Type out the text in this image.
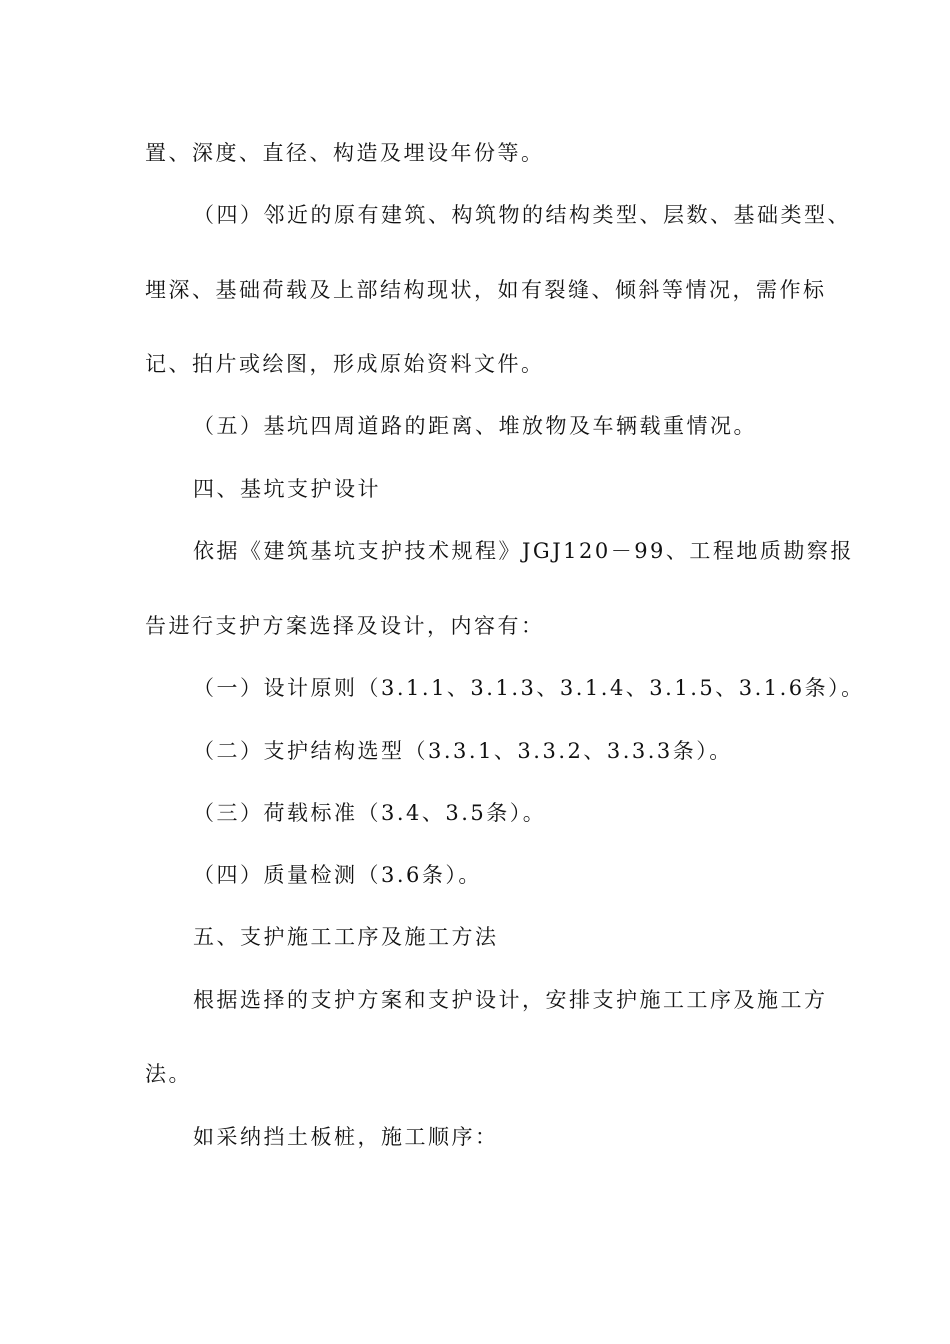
置、深度、直径、构造及埋设年份等。
（四）邻近的原有建筑、构筑物的结构类型、层数、基础类型、
埋深、基础荷载及上部结构现状，如有裂缝、倾斜等情况，需作标
记、拍片或绘图，形成原始资料文件。
（五）基坑四周道路的距离、堆放物及车辆载重情况。
四、基坑支护设计
依据《建筑基坑支护技术规程》JGJ120－99、工程地质勘察报
告进行支护方案选择及设计，内容有：
（一）设计原则（3.1.1、3.1.3、3.1.4、3.1.5、3.1.6条）。
（二）支护结构选型（3.3.1、3.3.2、3.3.3条）。
（三）荷载标准（3.4、3.5条）。
（四）质量检测（3.6条）。
五、支护施工工序及施工方法
根据选择的支护方案和支护设计，安排支护施工工序及施工方
法。
如采纳挡土板桩，施工顺序：
